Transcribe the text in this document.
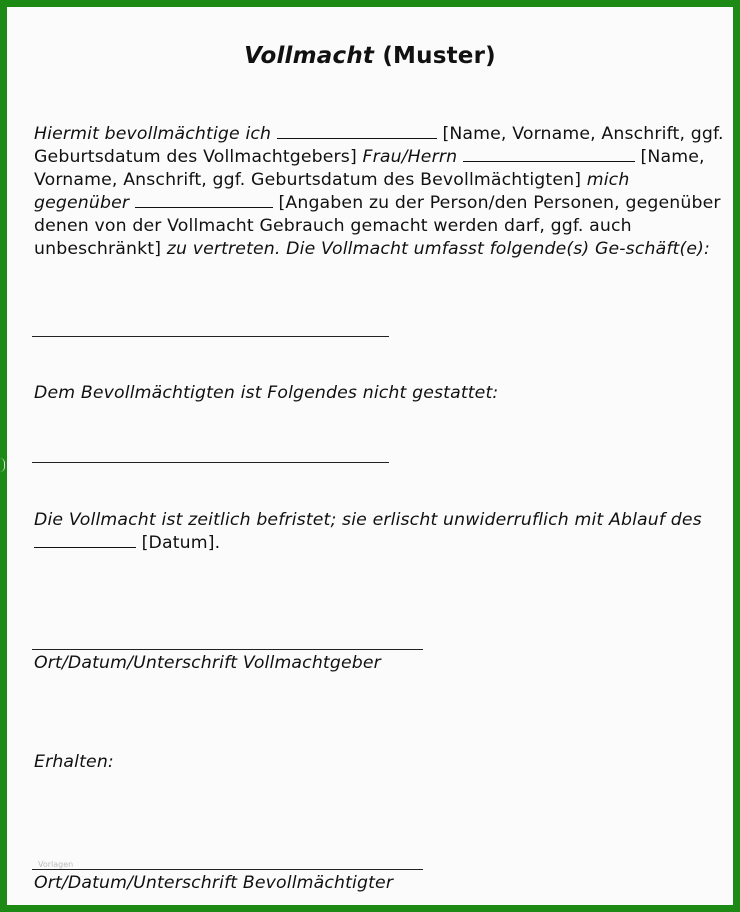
Vollmacht (Muster)
Hiermit bevollmächtige ich	[Name, Vorname, Anschrift, ggf. Geburtsdatum des Vollmachtgebers] Frau/Herrn	[Name, Vorname, Anschrift, ggf. Geburtsdatum des Bevollmächtigten] mich gegenüber	[Angaben zu der Person/den Personen, gegenüber denen von der Vollmacht Gebrauch gemacht werden darf, ggf. auch unbeschränkt] zu vertreten. Die Vollmacht umfasst folgende(s) Ge-schäft(e):
Dem Bevollmächtigten ist Folgendes nicht gestattet:
Die Vollmacht ist zeitlich befristet; sie erlischt unwiderruflich mit Ablauf des  [Datum].
Ort/Datum/Unterschrift Vollmachtgeber
Erhalten:
Vorlagen
Ort/Datum/Unterschrift Bevollmächtigter
